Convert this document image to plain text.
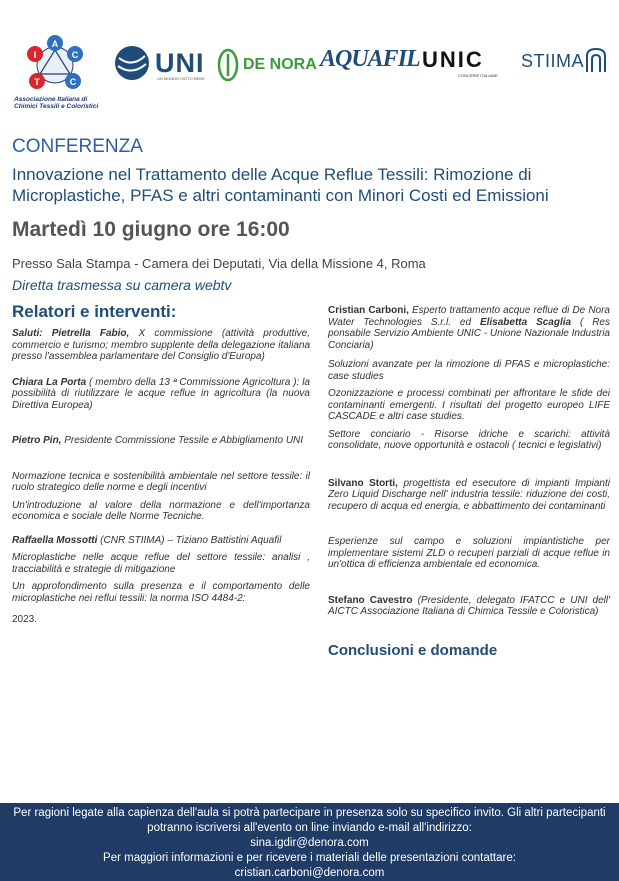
A
I	C
T	C
Associazione Italiana di Chimici Tessili e Coloristici
UNI
UN MONDO FATTO BENE
DE NORA AQUAFIL UNIC
CONCERIE ITALIANE
STIIMA
CONFERENZA
Innovazione nel Trattamento delle Acque Reflue Tessili: Rimozione di Microplastiche, PFAS e altri contaminanti con Minori Costi ed Emissioni
Martedì 10 giugno ore 16:00
Presso Sala Stampa - Camera dei Deputati, Via della Missione 4, Roma
Diretta trasmessa su camera webtv
Relatori e interventi:

Saluti: Pietrella Fabio, X commissione (attività produttive, commercio e turismo; membro supplente della delegazione italiana presso l'assemblea parlamentare del Consiglio d'Europa)

Chiara La Porta ( membro della 13 ª Commissione Agricoltura ): la possibilità di riutilizzare le acque reflue in agricoltura (la nuova Direttiva Europea)

Pietro Pin, Presidente Commissione Tessile e Abbigliamento UNI

Normazione tecnica e sostenibilità ambientale nel settore tessile: il ruolo strategico delle norme e degli incentivi

Un'introduzione al valore della normazione e dell'importanza economica e sociale delle Norme Tecniche.

Raffaella Mossotti (CNR STIIMA) – Tiziano Battistini Aquafil

Microplastiche nelle acque reflue del settore tessile: analisi , tracciabilità e strategie di mitigazione

Un approfondimento sulla presenza e il comportamento delle microplastiche nei reflui tessili: la norma ISO 4484-2:

2023.

Cristian Carboni, Esperto trattamento acque reflue di De Nora Water Technologies S.r.l. ed Elisabetta Scaglia ( Res ponsabile Servizio Ambiente UNIC - Unione Nazionale Industria Conciaria)

Soluzioni avanzate per la rimozione di PFAS e microplastiche: case studies

Ozonizzazione e processi combinati per affrontare le sfide dei contaminanti emergenti. I risultati del progetto europeo LIFE CASCADE e altri case studies.

Settore conciario - Risorse idriche e scarichi: attività consolidate, nuove opportunità e ostacoli ( tecnici e legislativi)

Silvano Storti, progettista ed esecutore di impianti Impianti Zero Liquid Discharge nell' industria tessile: riduzione dei costi, recupero di acqua ed energia, e abbattimento dei contaminanti

Esperienze sul campo e soluzioni impiantistiche per implementare sistemi ZLD o recuperi parziali di acque reflue in un'ottica di efficienza ambientale ed economica.

Stefano Cavestro (Presidente, delegato IFATCC e UNI dell' AICTC Associazione Italiana di Chimica Tessile e Coloristica)

Conclusioni e domande
Per ragioni legate alla capienza dell'aula si potrà partecipare in presenza solo su specifico invito. Gli altri partecipanti potranno iscriversi all'evento on line inviando e-mail all'indirizzo:
sina.igdir@denora.com
Per maggiori informazioni e per ricevere i materiali delle presentazioni contattare:
cristian.carboni@denora.com
